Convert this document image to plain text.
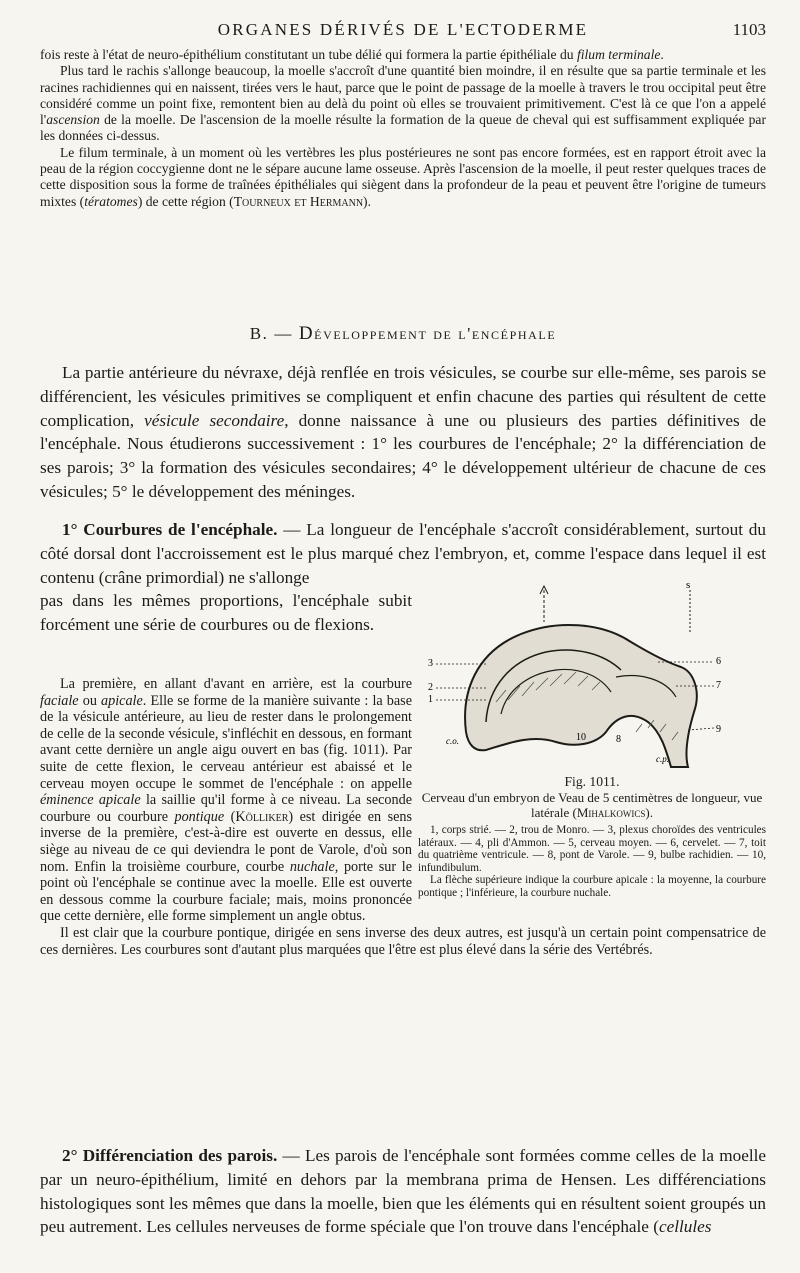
ORGANES DÉRIVÉS DE L'ECTODERME	1103

fois reste à l'état de neuro-épithélium constitutant un tube délié qui formera la partie épithéliale du filum terminale.

Plus tard le rachis s'allonge beaucoup, la moelle s'accroît d'une quantité bien moindre, il en résulte que sa partie terminale et les racines rachidiennes qui en naissent, tirées vers le haut, parce que le point de passage de la moelle à travers le trou occipital peut être considéré comme un point fixe, remontent bien au delà du point où elles se trouvaient primitivement. C'est là ce que l'on a appelé l'ascension de la moelle. De l'ascension de la moelle résulte la formation de la queue de cheval qui est suffisamment expliquée par les données ci-dessus.

Le filum terminale, à un moment où les vertèbres les plus postérieures ne sont pas encore formées, est en rapport étroit avec la peau de la région coccygienne dont ne le sépare aucune lame osseuse. Après l'ascension de la moelle, il peut rester quelques traces de cette disposition sous la forme de traînées épithéliales qui siègent dans la profondeur de la peau et peuvent être l'origine de tumeurs mixtes (tératomes) de cette région (Tourneux et Hermann).

B. — Développement de l'encéphale

La partie antérieure du névraxe, déjà renflée en trois vésicules, se courbe sur elle-même, ses parois se différencient, les vésicules primitives se compliquent et enfin chacune des parties qui résultent de cette complication, vésicule secondaire, donne naissance à une ou plusieurs des parties définitives de l'encéphale. Nous étudierons successivement : 1° les courbures de l'encéphale; 2° la différenciation de ses parois; 3° la formation des vésicules secondaires; 4° le développement ultérieur de chacune de ces vésicules; 5° le développement des méninges.

1° Courbures de l'encéphale. — La longueur de l'encéphale s'accroît considérablement, surtout du côté dorsal dont l'accroissement est le plus marqué chez l'embryon, et, comme l'espace dans lequel il est contenu (crâne primordial) ne s'allonge
pas dans les mêmes proportions, l'encéphale subit forcément une série de courbures ou de flexions.

La première, en allant d'avant en arrière, est la courbure faciale ou apicale. Elle se forme de la manière suivante : la base de la vésicule antérieure, au lieu de rester dans le prolongement de celle de la seconde vésicule, s'infléchit en dessous, en formant avant cette dernière un angle aigu ouvert en bas (fig. 1011). Par suite de cette flexion, le cerveau antérieur est abaissé et le cerveau moyen occupe le sommet de l'encéphale : on appelle éminence apicale la saillie qu'il forme à ce niveau. La seconde courbure ou courbure pontique (Kölliker) est dirigée en sens inverse de la première, c'est-à-dire est ouverte en dessus, elle siège au niveau de ce qui deviendra le pont de Varole, d'où son nom. Enfin la troisième courbure, courbe nuchale, porte sur le point où l'encéphale se continue avec la moelle. Elle est ouverte en dessous comme la courbure faciale; mais, moins prononcée que cette dernière, elle forme simplement un angle obtus.

Il est clair que la courbure pontique, dirigée en sens inverse des deux autres, est jusqu'à un certain point compensatrice de ces dernières. Les courbures sont d'autant plus marquées que l'être est plus élevé dans la série des Vertébrés.

s
3
2
1
6
7
9
10	8
c.o.
c.p.
Fig. 1011.
Cerveau d'un embryon de Veau de 5 centimètres de longueur, vue latérale (Mihalkowics).

1, corps strié. — 2, trou de Monro. — 3, plexus choroïdes des ventricules latéraux. — 4, pli d'Ammon. — 5, cerveau moyen. — 6, cervelet. — 7, toit du quatrième ventricule. — 8, pont de Varole. — 9, bulbe rachidien. — 10, infundibulum.

La flèche supérieure indique la courbure apicale : la moyenne, la courbure pontique ; l'inférieure, la courbure nuchale.

2° Différenciation des parois. — Les parois de l'encéphale sont formées comme celles de la moelle par un neuro-épithélium, limité en dehors par la membrana prima de Hensen. Les différenciations histologiques sont les mêmes que dans la moelle, bien que les éléments qui en résultent soient groupés un peu autrement. Les cellules nerveuses de forme spéciale que l'on trouve dans l'encéphale (cellules
